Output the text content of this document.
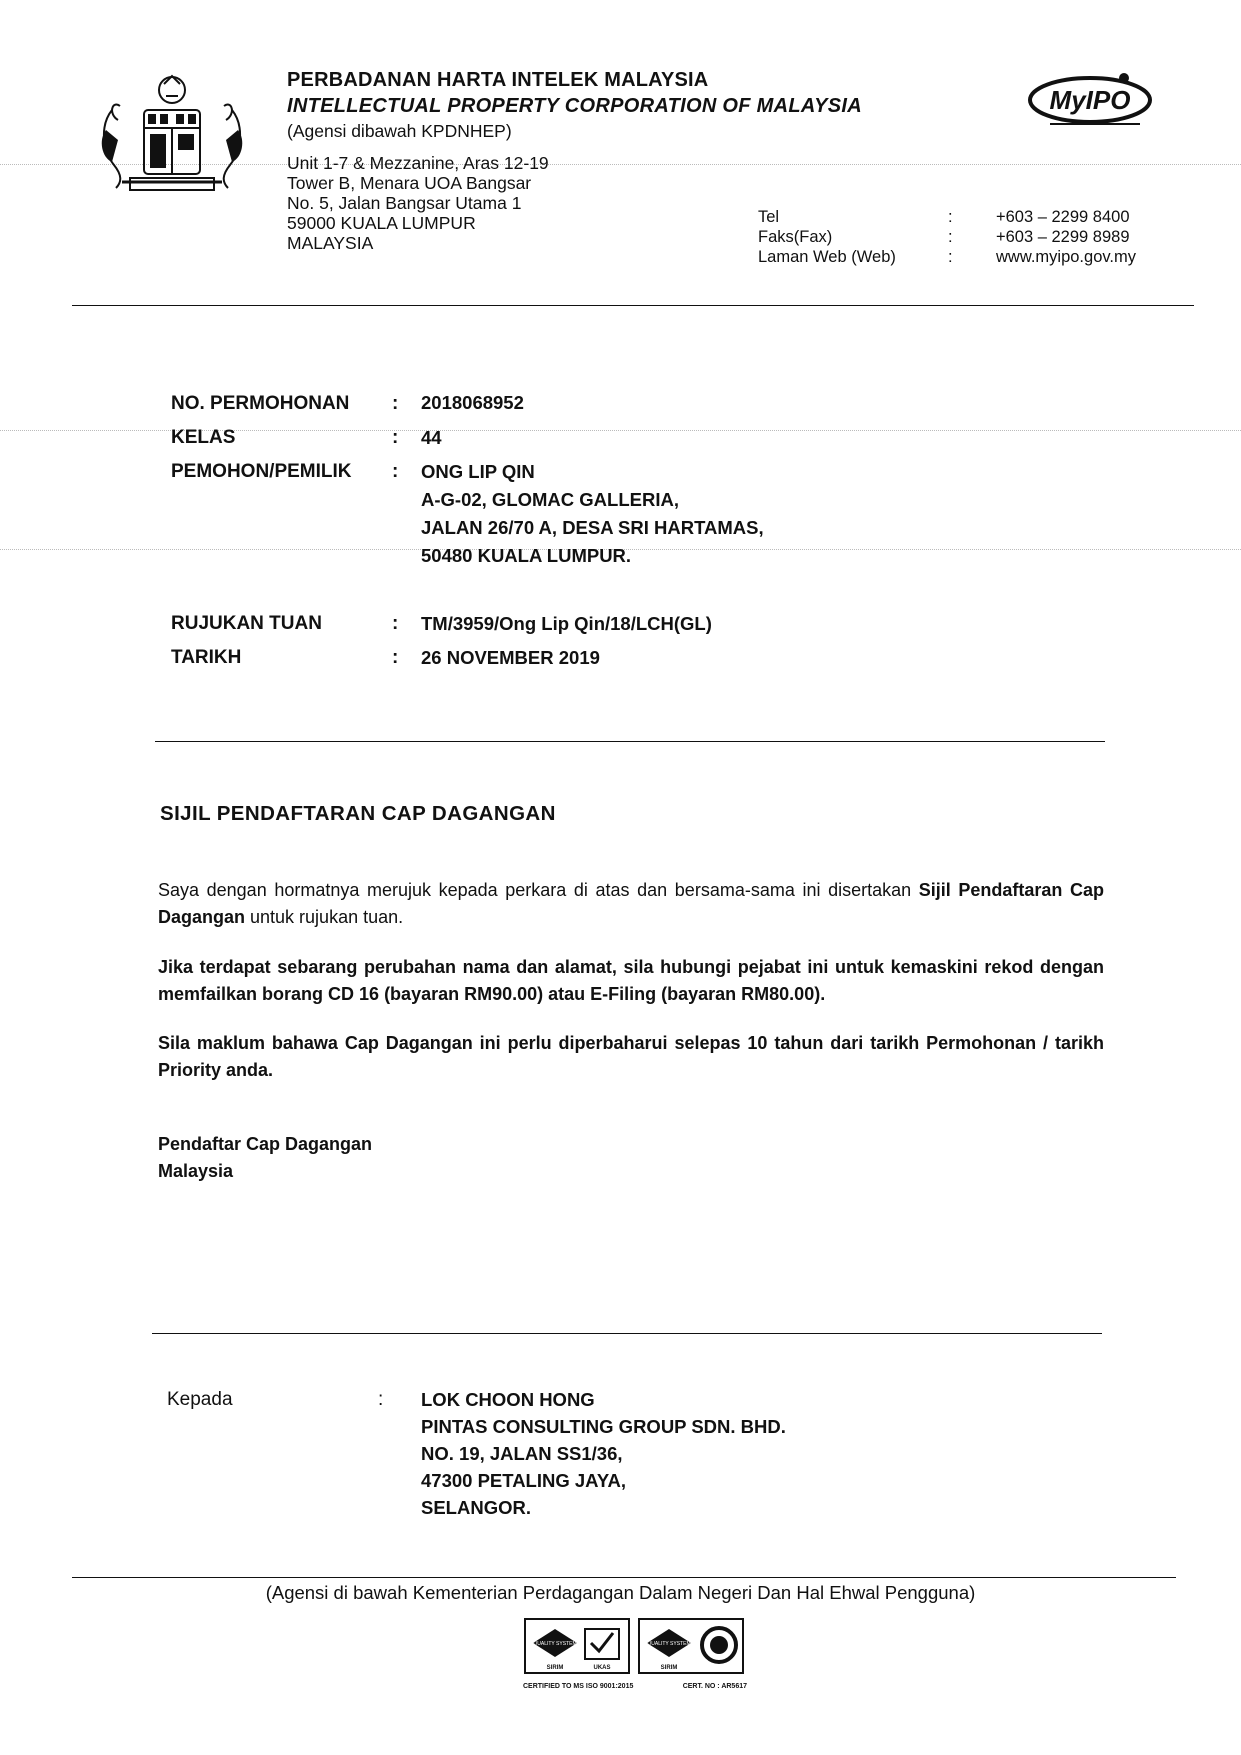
PERBADANAN HARTA INTELEK MALAYSIA
INTELLECTUAL PROPERTY CORPORATION OF MALAYSIA
(Agensi dibawah KPDNHEP)
Unit 1-7 & Mezzanine, Aras 12-19
Tower B, Menara UOA Bangsar
No. 5, Jalan Bangsar Utama 1
59000 KUALA LUMPUR
MALAYSIA
MyIPO
Tel	:	+603 – 2299 8400
Faks(Fax)	:	+603 – 2299 8989
Laman Web (Web)	:	www.myipo.gov.my
NO. PERMOHONAN : 2018068952
KELAS	: 44
PEMOHON/PEMILIK : ONG LIP QIN
A-G-02, GLOMAC GALLERIA,
JALAN 26/70 A, DESA SRI HARTAMAS,
50480 KUALA LUMPUR.
RUJUKAN TUAN	: TM/3959/Ong Lip Qin/18/LCH(GL)
TARIKH	: 26 NOVEMBER 2019
SIJIL PENDAFTARAN CAP DAGANGAN
Saya dengan hormatnya merujuk kepada perkara di atas dan bersama-sama ini disertakan Sijil Pendaftaran Cap Dagangan untuk rujukan tuan.
Jika terdapat sebarang perubahan nama dan alamat, sila hubungi pejabat ini untuk kemaskini rekod dengan memfailkan borang CD 16 (bayaran RM90.00) atau E-Filing (bayaran RM80.00).
Sila maklum bahawa Cap Dagangan ini perlu diperbaharui selepas 10 tahun dari tarikh Permohonan / tarikh Priority anda.
Pendaftar Cap Dagangan
Malaysia
Kepada	: LOK CHOON HONG
PINTAS CONSULTING GROUP SDN. BHD.
NO. 19, JALAN SS1/36,
47300 PETALING JAYA,
SELANGOR.
(Agensi di bawah Kementerian Perdagangan Dalam Negeri Dan Hal Ehwal Pengguna)
QUALITY SYSTEM	QUALITY SYSTEM
SIRIM	UKAS	SIRIM
CERTIFIED TO MS ISO 9001:2015	CERT. NO : AR5617
